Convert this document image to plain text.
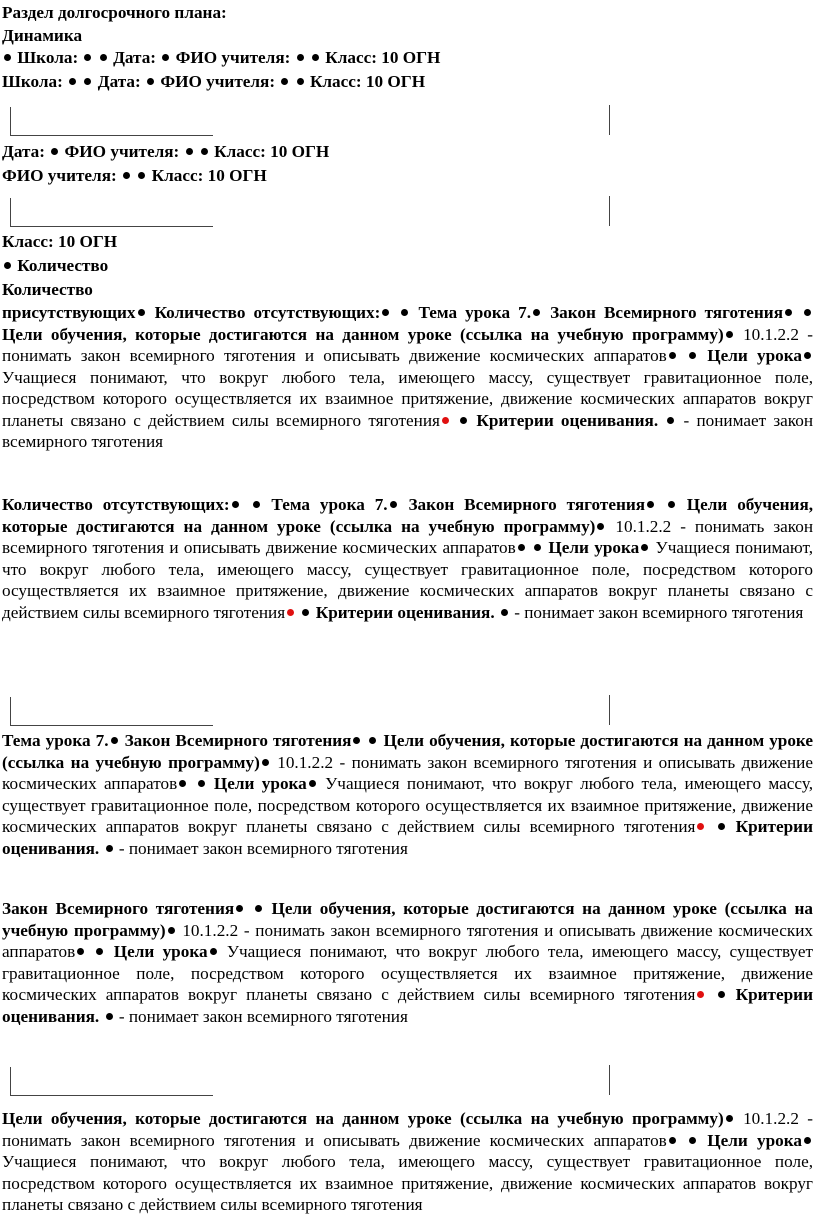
Раздел долгосрочного плана:
Динамика
Школа: Дата: ФИО учителя: Класс: 10 ОГН
Школа: Дата: ФИО учителя: Класс: 10 ОГН
Дата: ФИО учителя: Класс: 10 ОГН
ФИО учителя: Класс: 10 ОГН
Класс: 10 ОГН
Количество
Количество

присутствующих Количество отсутствующих: Тема урока 7. Закон Всемирного тяготения  Цели обучения, которые достигаются на данном уроке (ссылка на учебную программу) 10.1.2.2 - понимать закон всемирного тяготения и описывать движение космических аппаратов Цели урока Учащиеся понимают, что вокруг любого тела, имеющего массу, существует гравитационное поле, посредством которого осуществляется их взаимное притяжение, движение космических аппаратов вокруг планеты связано с действием силы всемирного тяготения Критерии оценивания. - понимает закон всемирного тяготения

Количество отсутствующих: Тема урока 7. Закон Всемирного тяготения Цели обучения, которые достигаются на данном уроке (ссылка на учебную программу) 10.1.2.2 - понимать закон всемирного тяготения и описывать движение космических аппаратов Цели урока Учащиеся понимают, что вокруг любого тела, имеющего массу, существует гравитационное поле, посредством которого осуществляется их взаимное притяжение, движение космических аппаратов вокруг планеты связано с действием силы всемирного тяготения Критерии оценивания. - понимает закон всемирного тяготения

Тема урока 7. Закон Всемирного тяготения Цели обучения, которые достигаются на данном уроке (ссылка на учебную программу) 10.1.2.2 - понимать закон всемирного тяготения и описывать движение космических аппаратов Цели урока Учащиеся понимают, что вокруг любого тела, имеющего массу, существует гравитационное поле, посредством которого осуществляется их взаимное притяжение, движение космических аппаратов вокруг планеты связано с действием силы всемирного тяготения Критерии оценивания. - понимает закон всемирного тяготения

Закон Всемирного тяготения Цели обучения, которые достигаются на данном уроке (ссылка на учебную программу) 10.1.2.2 - понимать закон всемирного тяготения и описывать движение космических аппаратов Цели урока Учащиеся понимают, что вокруг любого тела, имеющего массу, существует гравитационное поле, посредством которого осуществляется их взаимное притяжение, движение космических аппаратов вокруг планеты связано с действием силы всемирного тяготения Критерии оценивания. - понимает закон всемирного тяготения

Цели обучения, которые достигаются на данном уроке (ссылка на учебную программу) 10.1.2.2 - понимать закон всемирного тяготения и описывать движение космических аппаратов Цели урока Учащиеся понимают, что вокруг любого тела, имеющего массу, существует гравитационное поле, посредством которого осуществляется их взаимное притяжение, движение космических аппаратов вокруг планеты связано с действием силы всемирного тяготения
